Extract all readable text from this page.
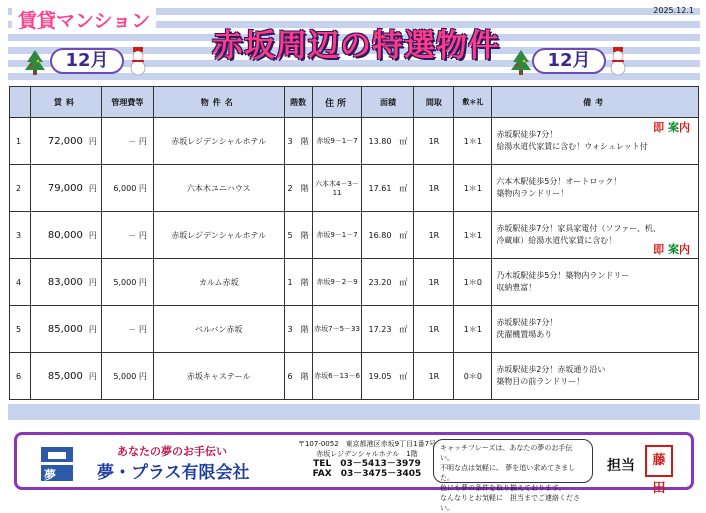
2025.12.1
賃貸マンション
12月	赤坂周辺の特選物件	12月
	賃料	管理費等	物件名	階数	住所	面積	間取	敷＊礼	備考
1	72,000 円	－ 円	赤坂レジデンシャルホテル	3　階	赤坂9－1－7	13.80　㎡	1R	1＊1	即 案内
赤坂駅徒歩7分！
給湯水道代家賃に含む！ウォシュレット付

2	79,000 円	6,000 円	六本木ユニハウス	2　階	六本木4－3－11	17.61　㎡	1R	1＊1	六本木駅徒歩5分！オートロック！
築物内ランドリー！

3	80,000 円	－ 円	赤坂レジデンシャルホテル	5　階	赤坂9－1－7	16.80　㎡	1R	1＊1	赤坂駅徒歩7分！家具家電付（ソファー、机、
冷蔵庫）給湯水道代家賃に含む！
即 案内

4	83,000 円	5,000 円	カルム赤坂	1　階	赤坂9－2－9	23.20　㎡	1R	1＊0	乃木坂駅徒歩5分！築物内ランドリー
収納豊富！

5	85,000 円	－ 円	ベルバン赤坂	3　階	赤坂7－5－33	17.23　㎡	1R	1＊1	赤坂駅徒歩7分！
洗濯機置場あり

6	85,000 円	5,000 円	赤坂キャステール	6　階	赤坂6－13－6	19.05　㎡	1R	0＊0	赤坂駅徒歩2分！赤坂通り沿い
築物目の前ランドリー！
夢
あなたの夢のお手伝い
夢・プラス有限会社
〒107-0052　東京都港区赤坂9丁目1番7号
赤坂レジデンシャルホテル　1階
TEL　03－5413－3979
FAX　03－3475－3405
キャッチフレーズは、あなたの夢のお手伝い。
不明な点は気軽に。 夢を追い求めてきました。
色にも夢の条件を取り揃えております。
なんなりとお気軽に　担当までご連絡ください。
担当	藤田
